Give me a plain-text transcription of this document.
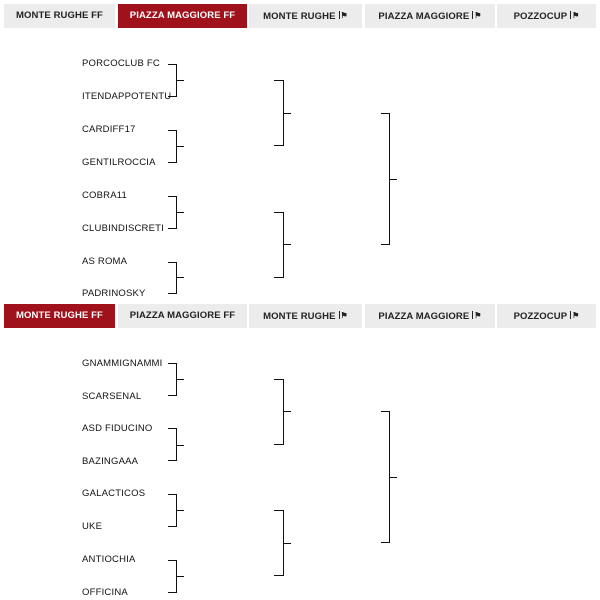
MONTE RUGHE FF	PIAZZA MAGGIORE FF	MONTE RUGHE ⚑	PIAZZA MAGGIORE ⚑	POZZOCUP ⚑
PORCOCLUB FC
ITENDAPPOTENTU
CARDIFF17
GENTILROCCIA
COBRA11
CLUBINDISCRETI
AS ROMA
PADRINOSKY
MONTE RUGHE FF	PIAZZA MAGGIORE FF	MONTE RUGHE ⚑	PIAZZA MAGGIORE ⚑	POZZOCUP ⚑
GNAMMIGNAMMI
SCARSENAL
ASD FIDUCINO
BAZINGAAA
GALACTICOS
UKE
ANTIOCHIA
OFFICINA
